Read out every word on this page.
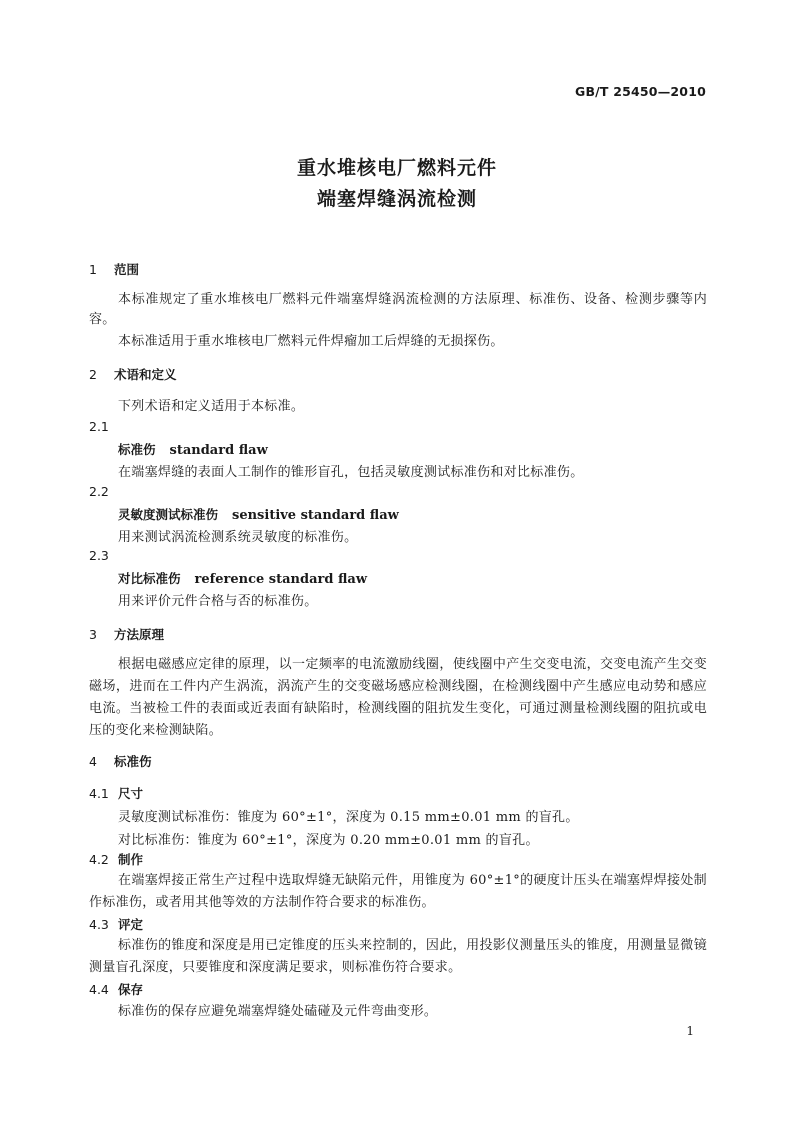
GB/T 25450—2010
重水堆核电厂燃料元件
端塞焊缝涡流检测
1 范围
本标准规定了重水堆核电厂燃料元件端塞焊缝涡流检测的方法原理、标准伤、设备、检测步骤等内容。
本标准适用于重水堆核电厂燃料元件焊瘤加工后焊缝的无损探伤。
2 术语和定义
下列术语和定义适用于本标准。
2.1
标准伤 standard flaw
在端塞焊缝的表面人工制作的锥形盲孔，包括灵敏度测试标准伤和对比标准伤。
2.2
灵敏度测试标准伤 sensitive standard flaw
用来测试涡流检测系统灵敏度的标准伤。
2.3
对比标准伤 reference standard flaw
用来评价元件合格与否的标准伤。
3 方法原理
根据电磁感应定律的原理，以一定频率的电流激励线圈，使线圈中产生交变电流，交变电流产生交变磁场，进而在工件内产生涡流，涡流产生的交变磁场感应检测线圈，在检测线圈中产生感应电动势和感应电流。当被检工件的表面或近表面有缺陷时，检测线圈的阻抗发生变化，可通过测量检测线圈的阻抗或电压的变化来检测缺陷。
4 标准伤
4.1 尺寸
灵敏度测试标准伤：锥度为 60°±1°，深度为 0.15 mm±0.01 mm 的盲孔。
对比标准伤：锥度为 60°±1°，深度为 0.20 mm±0.01 mm 的盲孔。
4.2 制作
在端塞焊接正常生产过程中选取焊缝无缺陷元件，用锥度为 60°±1°的硬度计压头在端塞焊焊接处制作标准伤，或者用其他等效的方法制作符合要求的标准伤。
4.3 评定
标准伤的锥度和深度是用已定锥度的压头来控制的，因此，用投影仪测量压头的锥度，用测量显微镜测量盲孔深度，只要锥度和深度满足要求，则标准伤符合要求。
4.4 保存
标准伤的保存应避免端塞焊缝处磕碰及元件弯曲变形。
1
